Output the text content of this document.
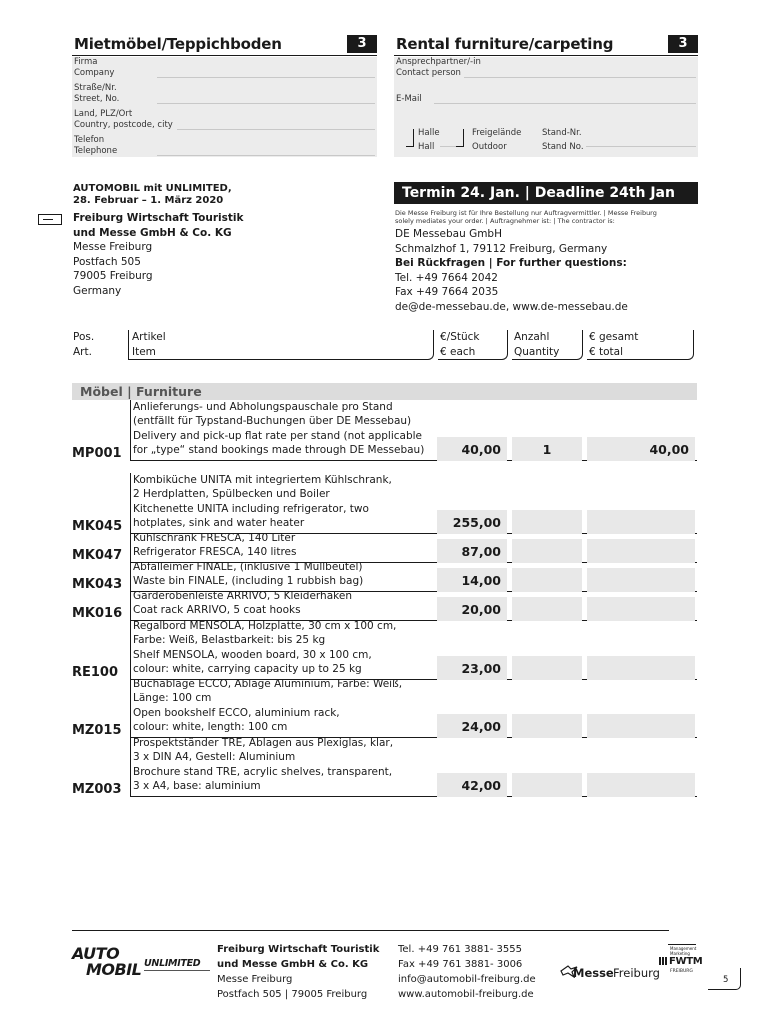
Mietmöbel/Teppichboden	3	Rental furniture/carpeting	3
Firma
Company
Straße/Nr.
Street, No.
Land, PLZ/Ort
Country, postcode, city
Telefon
Telephone
Ansprechpartner/-in
Contact person
E-Mail
Halle
Hall
Freigelände
Outdoor
Stand-Nr.
Stand No.
AUTOMOBIL mit UNLIMITED,
28. Februar – 1. März 2020
Freiburg Wirtschaft Touristik
und Messe GmbH & Co. KG
Messe Freiburg
Postfach 505
79005 Freiburg
Germany
Termin 24. Jan. | Deadline 24th Jan
Die Messe Freiburg ist für Ihre Bestellung nur Auftragvermittler. | Messe Freiburg
solely mediates your order. | Auftragnehmer ist: | The contractor is:
DE Messebau GmbH
Schmalzhof 1, 79112 Freiburg, Germany
Bei Rückfragen | For further questions:
Tel. +49 7664 2042
Fax +49 7664 2035
de@de-messebau.de, www.de-messebau.de
Pos.
Art.
Artikel
Item
€/Stück
€ each
Anzahl
Quantity
€ gesamt
€ total
Möbel | Furniture
MP001
Anlieferungs- und Abholungspauschale pro Stand
(entfällt für Typstand-Buchungen über DE Messebau)
Delivery and pick-up flat rate per stand (not applicable
for „type“ stand bookings made through DE Messebau)	40,00	1	40,00
MK045
Kombiküche UNITA mit integriertem Kühlschrank,
2 Herdplatten, Spülbecken und Boiler
Kitchenette UNITA including refrigerator, two
hotplates, sink and water heater	255,00
MK047
Kühlschrank FRESCA, 140 Liter
Refrigerator FRESCA, 140 litres	87,00
MK043
Abfalleimer FINALE, (inklusive 1 Müllbeutel)
Waste bin FINALE, (including 1 rubbish bag)	14,00
MK016
Garderobenleiste ARRIVO, 5 Kleiderhaken
Coat rack ARRIVO, 5 coat hooks	20,00
RE100
Regalbord MENSOLA, Holzplatte, 30 cm x 100 cm,
Farbe: Weiß, Belastbarkeit: bis 25 kg
Shelf MENSOLA, wooden board, 30 x 100 cm,
colour: white, carrying capacity up to 25 kg	23,00
MZ015
Buchablage ECCO, Ablage Aluminium, Farbe: Weiß,
Länge: 100 cm
Open bookshelf ECCO, aluminium rack,
colour: white, length: 100 cm	24,00
MZ003
Prospektständer TRE, Ablagen aus Plexiglas, klar,
3 x DIN A4, Gestell: Aluminium
Brochure stand TRE, acrylic shelves, transparent,
3 x A4, base: aluminium	42,00
AUTO
MOBIL UNLIMITED
Freiburg Wirtschaft Touristik
und Messe GmbH & Co. KG
Messe Freiburg
Postfach 505 | 79005 Freiburg
Tel. +49 761 3881- 3555
Fax +49 761 3881- 3006
info@automobil-freiburg.de
www.automobil-freiburg.de
Messe Freiburg
Management
Marketing
FWTM
FREIBURG
5
